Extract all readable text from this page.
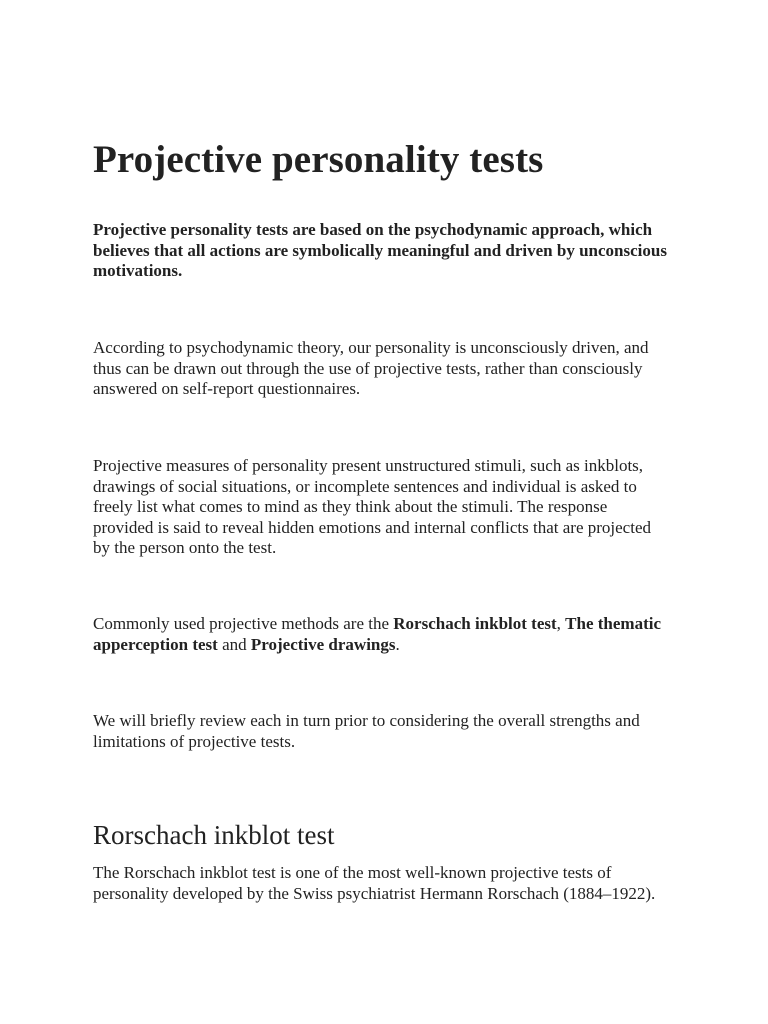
Projective personality tests

Projective personality tests are based on the psychodynamic approach, which believes that all actions are symbolically meaningful and driven by unconscious motivations.

According to psychodynamic theory, our personality is unconsciously driven, and thus can be drawn out through the use of projective tests, rather than consciously answered on self-report questionnaires.

Projective measures of personality present unstructured stimuli, such as inkblots, drawings of social situations, or incomplete sentences and individual is asked to freely list what comes to mind as they think about the stimuli. The response provided is said to reveal hidden emotions and internal conflicts that are projected by the person onto the test.

Commonly used projective methods are the Rorschach inkblot test, The thematic apperception test and Projective drawings.

We will briefly review each in turn prior to considering the overall strengths and limitations of projective tests.

Rorschach inkblot test

The Rorschach inkblot test is one of the most well-known projective tests of personality developed by the Swiss psychiatrist Hermann Rorschach (1884–1922).
